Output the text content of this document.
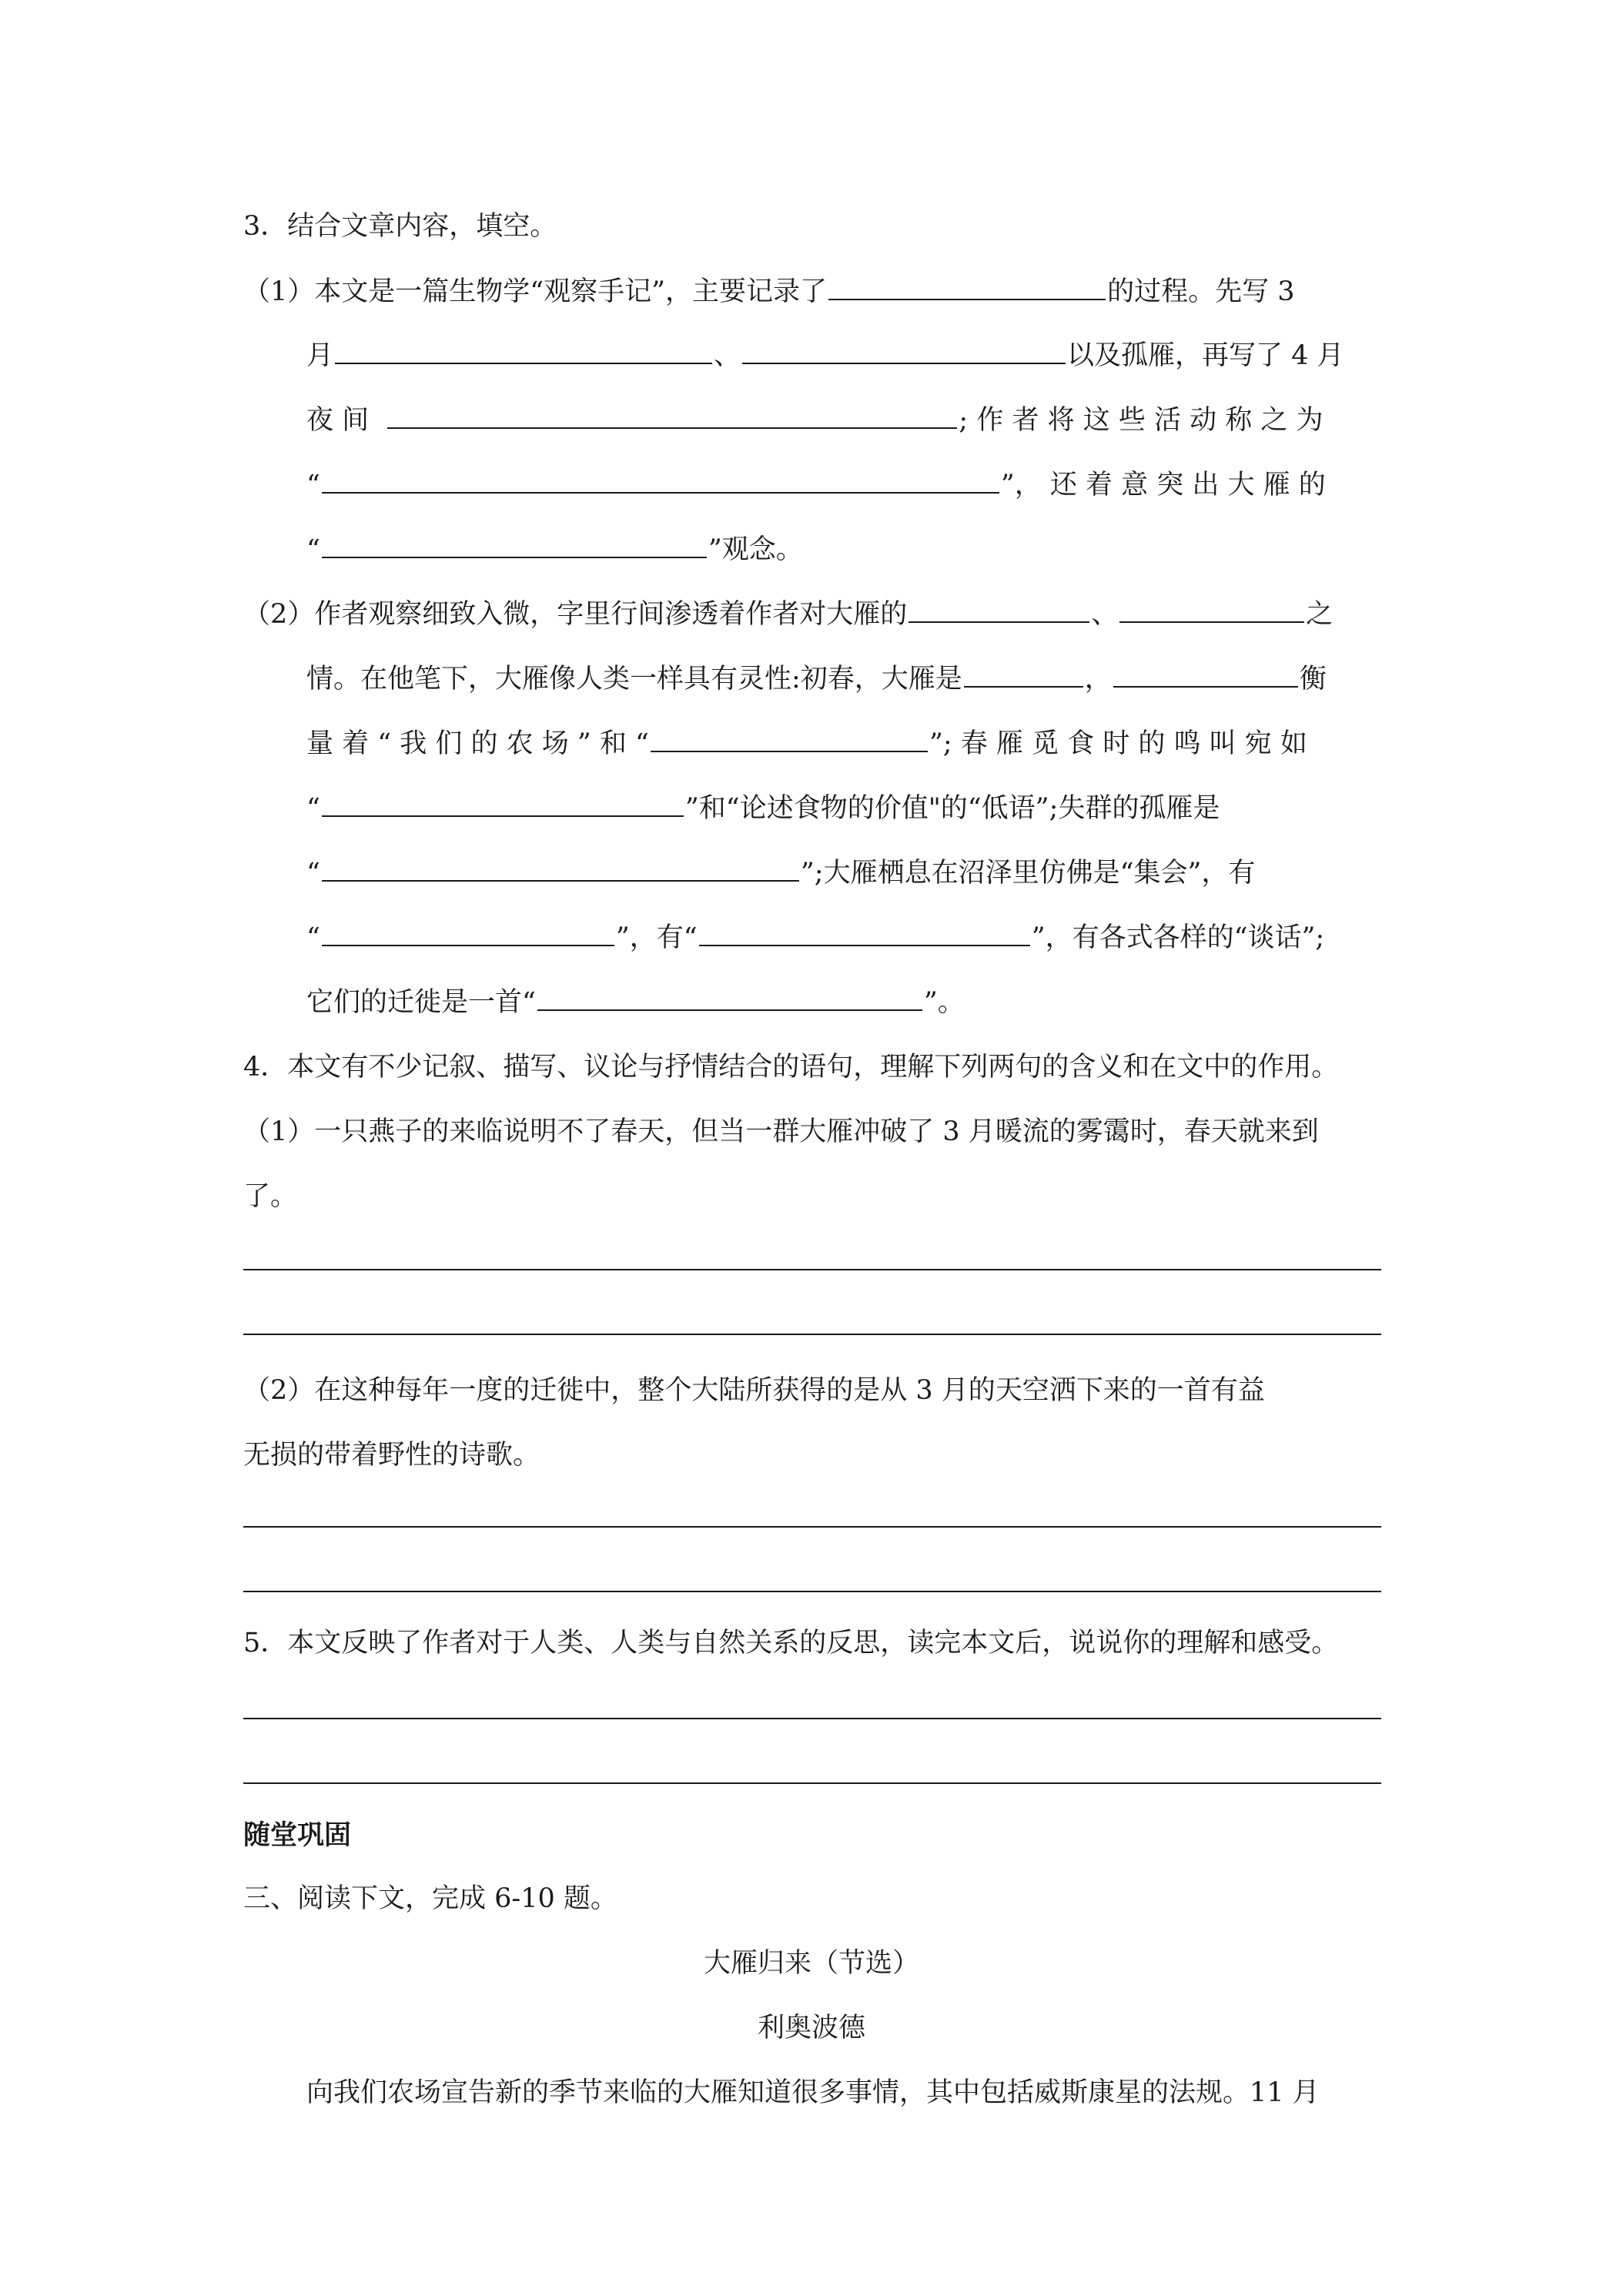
3．结合文章内容，填空。
（1）本文是一篇生物学“观察手记”，主要记录了	的过程。先写 3
月	、	以及孤雁，再写了 4 月
夜 间	; 作 者 将 这 些 活 动 称 之 为
“	”， 还 着 意 突 出 大 雁 的
“	”观念。
（2）作者观察细致入微，字里行间渗透着作者对大雁的	、	之
情。在他笔下，大雁像人类一样具有灵性:初春，大雁是	，	衡
量 着 “ 我 们 的 农 场 ” 和 “	”; 春 雁 觅 食 时 的 鸣 叫 宛 如
“	”和“论述食物的价值"的“低语”;失群的孤雁是
“	”;大雁栖息在沼泽里仿佛是“集会”，有
“	”，有“	”，有各式各样的“谈话”;
它们的迁徙是一首“	”。
4．本文有不少记叙、描写、议论与抒情结合的语句，理解下列两句的含义和在文中的作用。
（1）一只燕子的来临说明不了春天，但当一群大雁冲破了 3 月暖流的雾霭时，春天就来到
了。
（2）在这种每年一度的迁徙中，整个大陆所获得的是从 3 月的天空洒下来的一首有益
无损的带着野性的诗歌。
5．本文反映了作者对于人类、人类与自然关系的反思，读完本文后，说说你的理解和感受。
随堂巩固
三、阅读下文，完成 6-10 题。
大雁归来（节选）
利奥波德
向我们农场宣告新的季节来临的大雁知道很多事情，其中包括威斯康星的法规。11 月
